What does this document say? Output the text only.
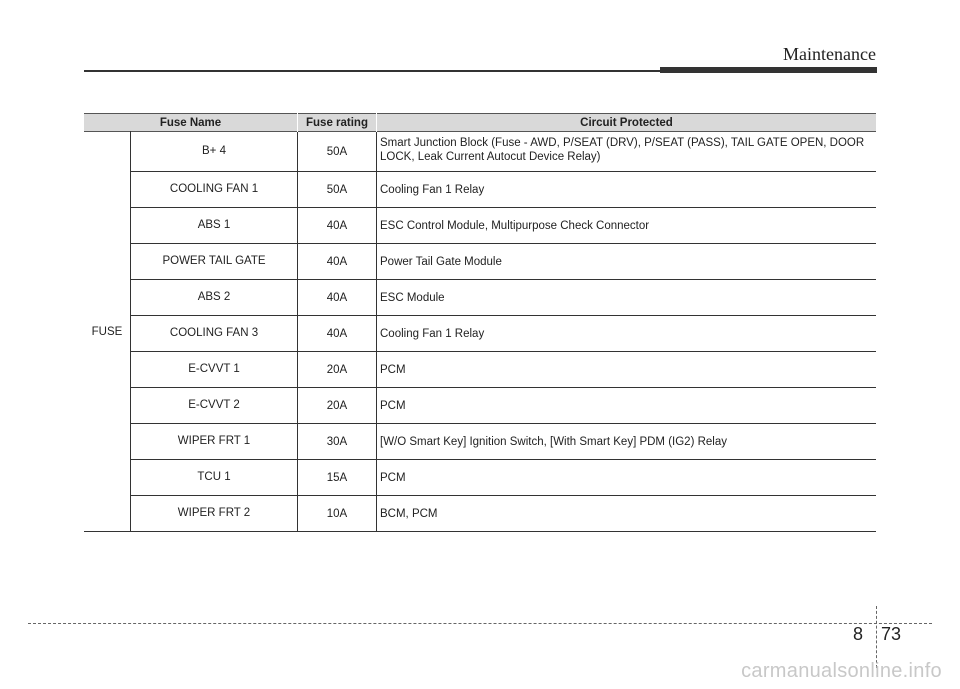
Maintenance
Fuse Name		Fuse rating	Circuit Protected
FUSE	B+ 4	50A	Smart Junction Block (Fuse - AWD, P/SEAT (DRV), P/SEAT (PASS), TAIL GATE OPEN, DOOR LOCK, Leak Current Autocut Device Relay)
	COOLING FAN 1	50A	Cooling Fan 1 Relay
	ABS 1	40A	ESC Control Module, Multipurpose Check Connector
	POWER TAIL GATE	40A	Power Tail Gate Module
	ABS 2	40A	ESC Module
	COOLING FAN 3	40A	Cooling Fan 1 Relay
	E-CVVT 1	20A	PCM
	E-CVVT 2	20A	PCM
	WIPER FRT 1	30A	[W/O Smart Key] Ignition Switch, [With Smart Key] PDM (IG2) Relay
	TCU 1	15A	PCM
	WIPER FRT 2	10A	BCM, PCM
8 73
carmanualsonline.info
